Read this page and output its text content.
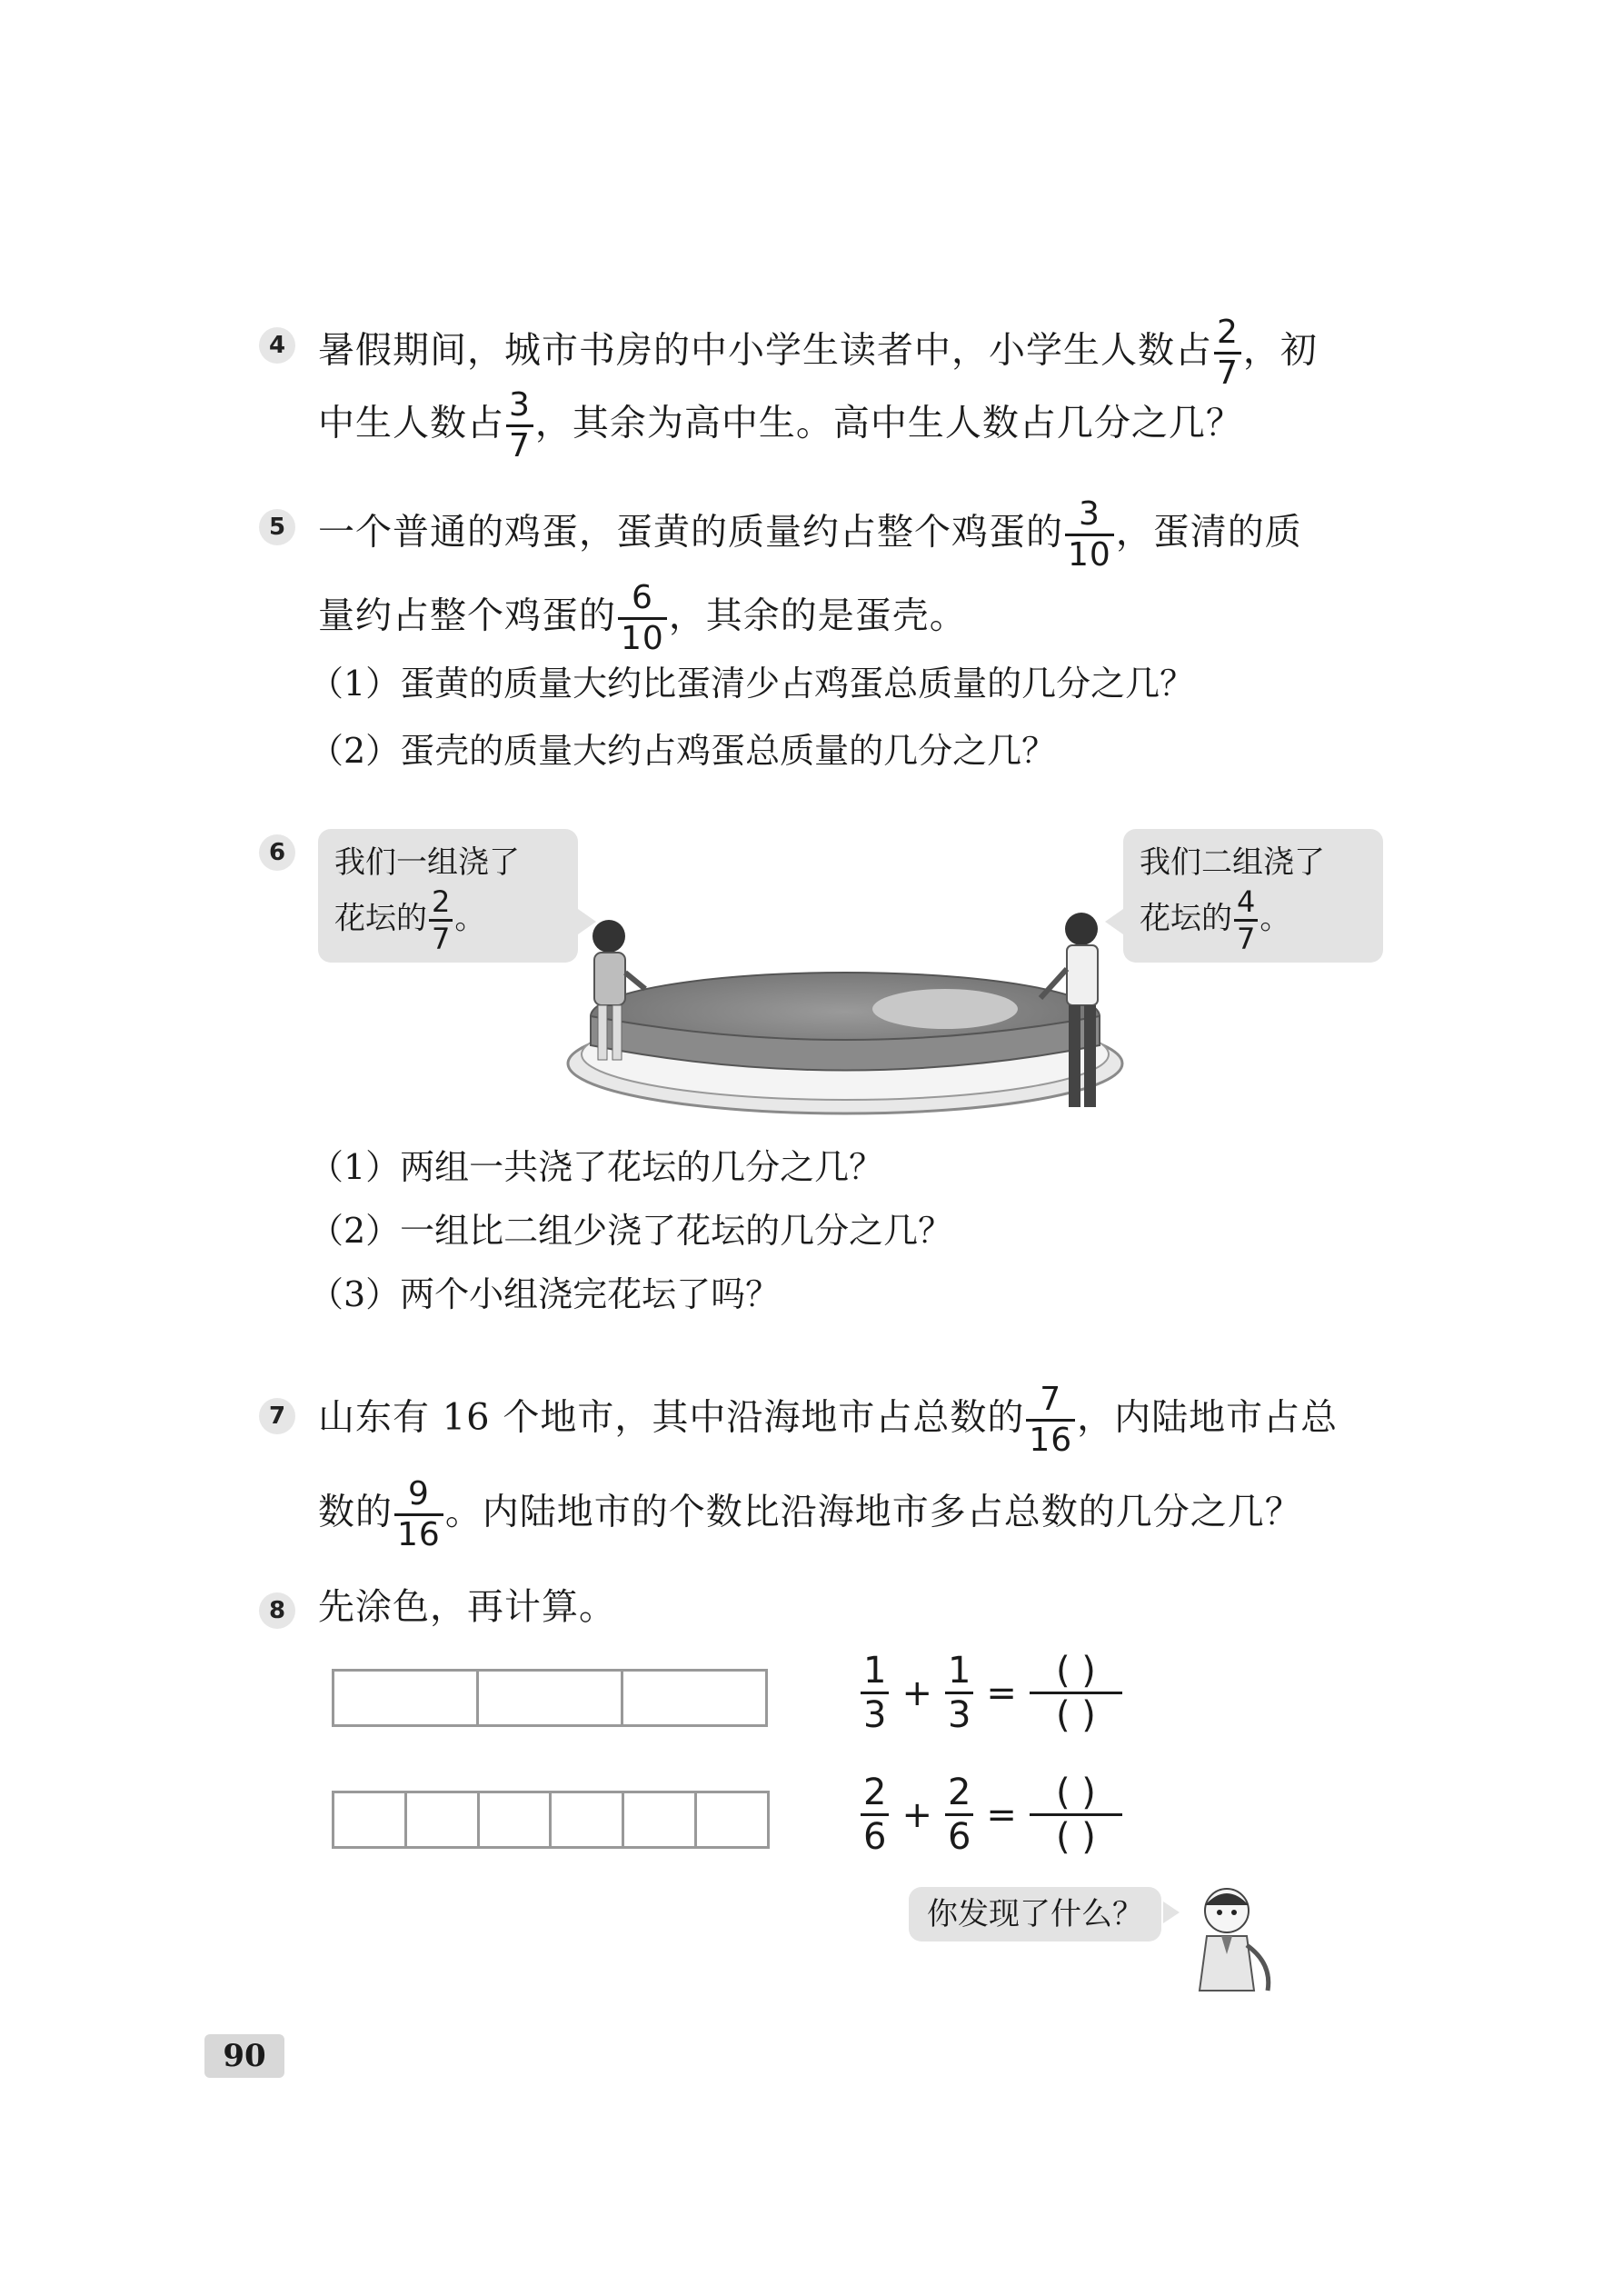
4 暑假期间，城市书房的中小学生读者中，小学生人数占 $\frac{2}{7}$ ，初
中生人数占 $\frac{3}{7}$ ，其余为高中生。高中生人数占几分之几？
5 一个普通的鸡蛋，蛋黄的质量约占整个鸡蛋的 $\frac{3}{10}$ ，蛋清的质
量约占整个鸡蛋的 $\frac{6}{10}$ ，其余的是蛋壳。
（1）蛋黄的质量大约比蛋清少占鸡蛋总质量的几分之几？
（2）蛋壳的质量大约占鸡蛋总质量的几分之几？
6	我们一组浇了
花坛的 $\frac{2}{7}$ 。
我们二组浇了
花坛的 $\frac{4}{7}$ 。
（1）两组一共浇了花坛的几分之几？
（2）一组比二组少浇了花坛的几分之几？
（3）两个小组浇完花坛了吗？
7 山东有 16 个地市，其中沿海地市占总数的 $\frac{7}{16}$ ，内陆地市占总
数的 $\frac{9}{16}$ 。内陆地市的个数比沿海地市多占总数的几分之几？
8 先涂色，再计算。
$\frac{1}{3} + \frac{1}{3} = \frac{( )}{( )}$
$\frac{2}{6} + \frac{2}{6} = \frac{( )}{( )}$
你发现了什么？
90
